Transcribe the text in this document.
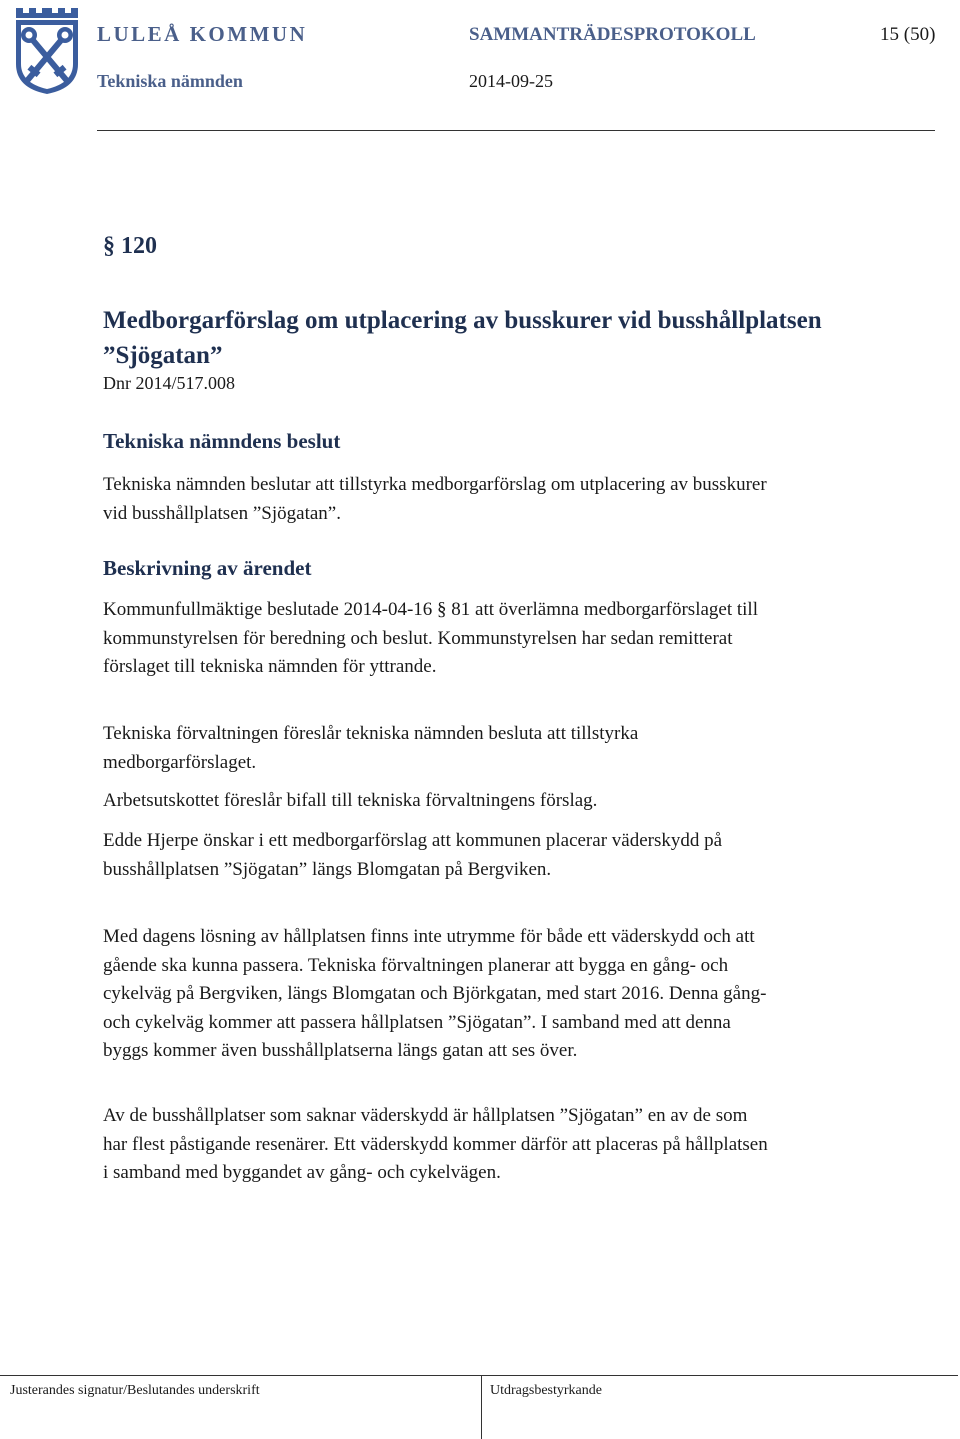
LULEÅ KOMMUN
Tekniska nämnden
SAMMANTRÄDESPROTOKOLL	15 (50)
2014-09-25
§ 120
Medborgarförslag om utplacering av busskurer vid busshållplatsen ”Sjögatan”
Dnr 2014/517.008
Tekniska nämndens beslut
Tekniska nämnden beslutar att tillstyrka medborgarförslag om utplacering av busskurer vid busshållplatsen ”Sjögatan”.
Beskrivning av ärendet
Kommunfullmäktige beslutade 2014-04-16 § 81 att överlämna medborgarförslaget till kommunstyrelsen för beredning och beslut. Kommunstyrelsen har sedan remitterat förslaget till tekniska nämnden för yttrande.
Tekniska förvaltningen föreslår tekniska nämnden besluta att tillstyrka medborgarförslaget.
Arbetsutskottet föreslår bifall till tekniska förvaltningens förslag.
Edde Hjerpe önskar i ett medborgarförslag att kommunen placerar väderskydd på busshållplatsen ”Sjögatan” längs Blomgatan på Bergviken.
Med dagens lösning av hållplatsen finns inte utrymme för både ett väderskydd och att gående ska kunna passera. Tekniska förvaltningen planerar att bygga en gång- och cykelväg på Bergviken, längs Blomgatan och Björkgatan, med start 2016. Denna gång- och cykelväg kommer att passera hållplatsen ”Sjögatan”. I samband med att denna byggs kommer även busshållplatserna längs gatan att ses över.
Av de busshållplatser som saknar väderskydd är hållplatsen ”Sjögatan” en av de som har flest påstigande resenärer. Ett väderskydd kommer därför att placeras på hållplatsen i samband med byggandet av gång- och cykelvägen.
Justerandes signatur/Beslutandes underskrift	Utdragsbestyrkande
